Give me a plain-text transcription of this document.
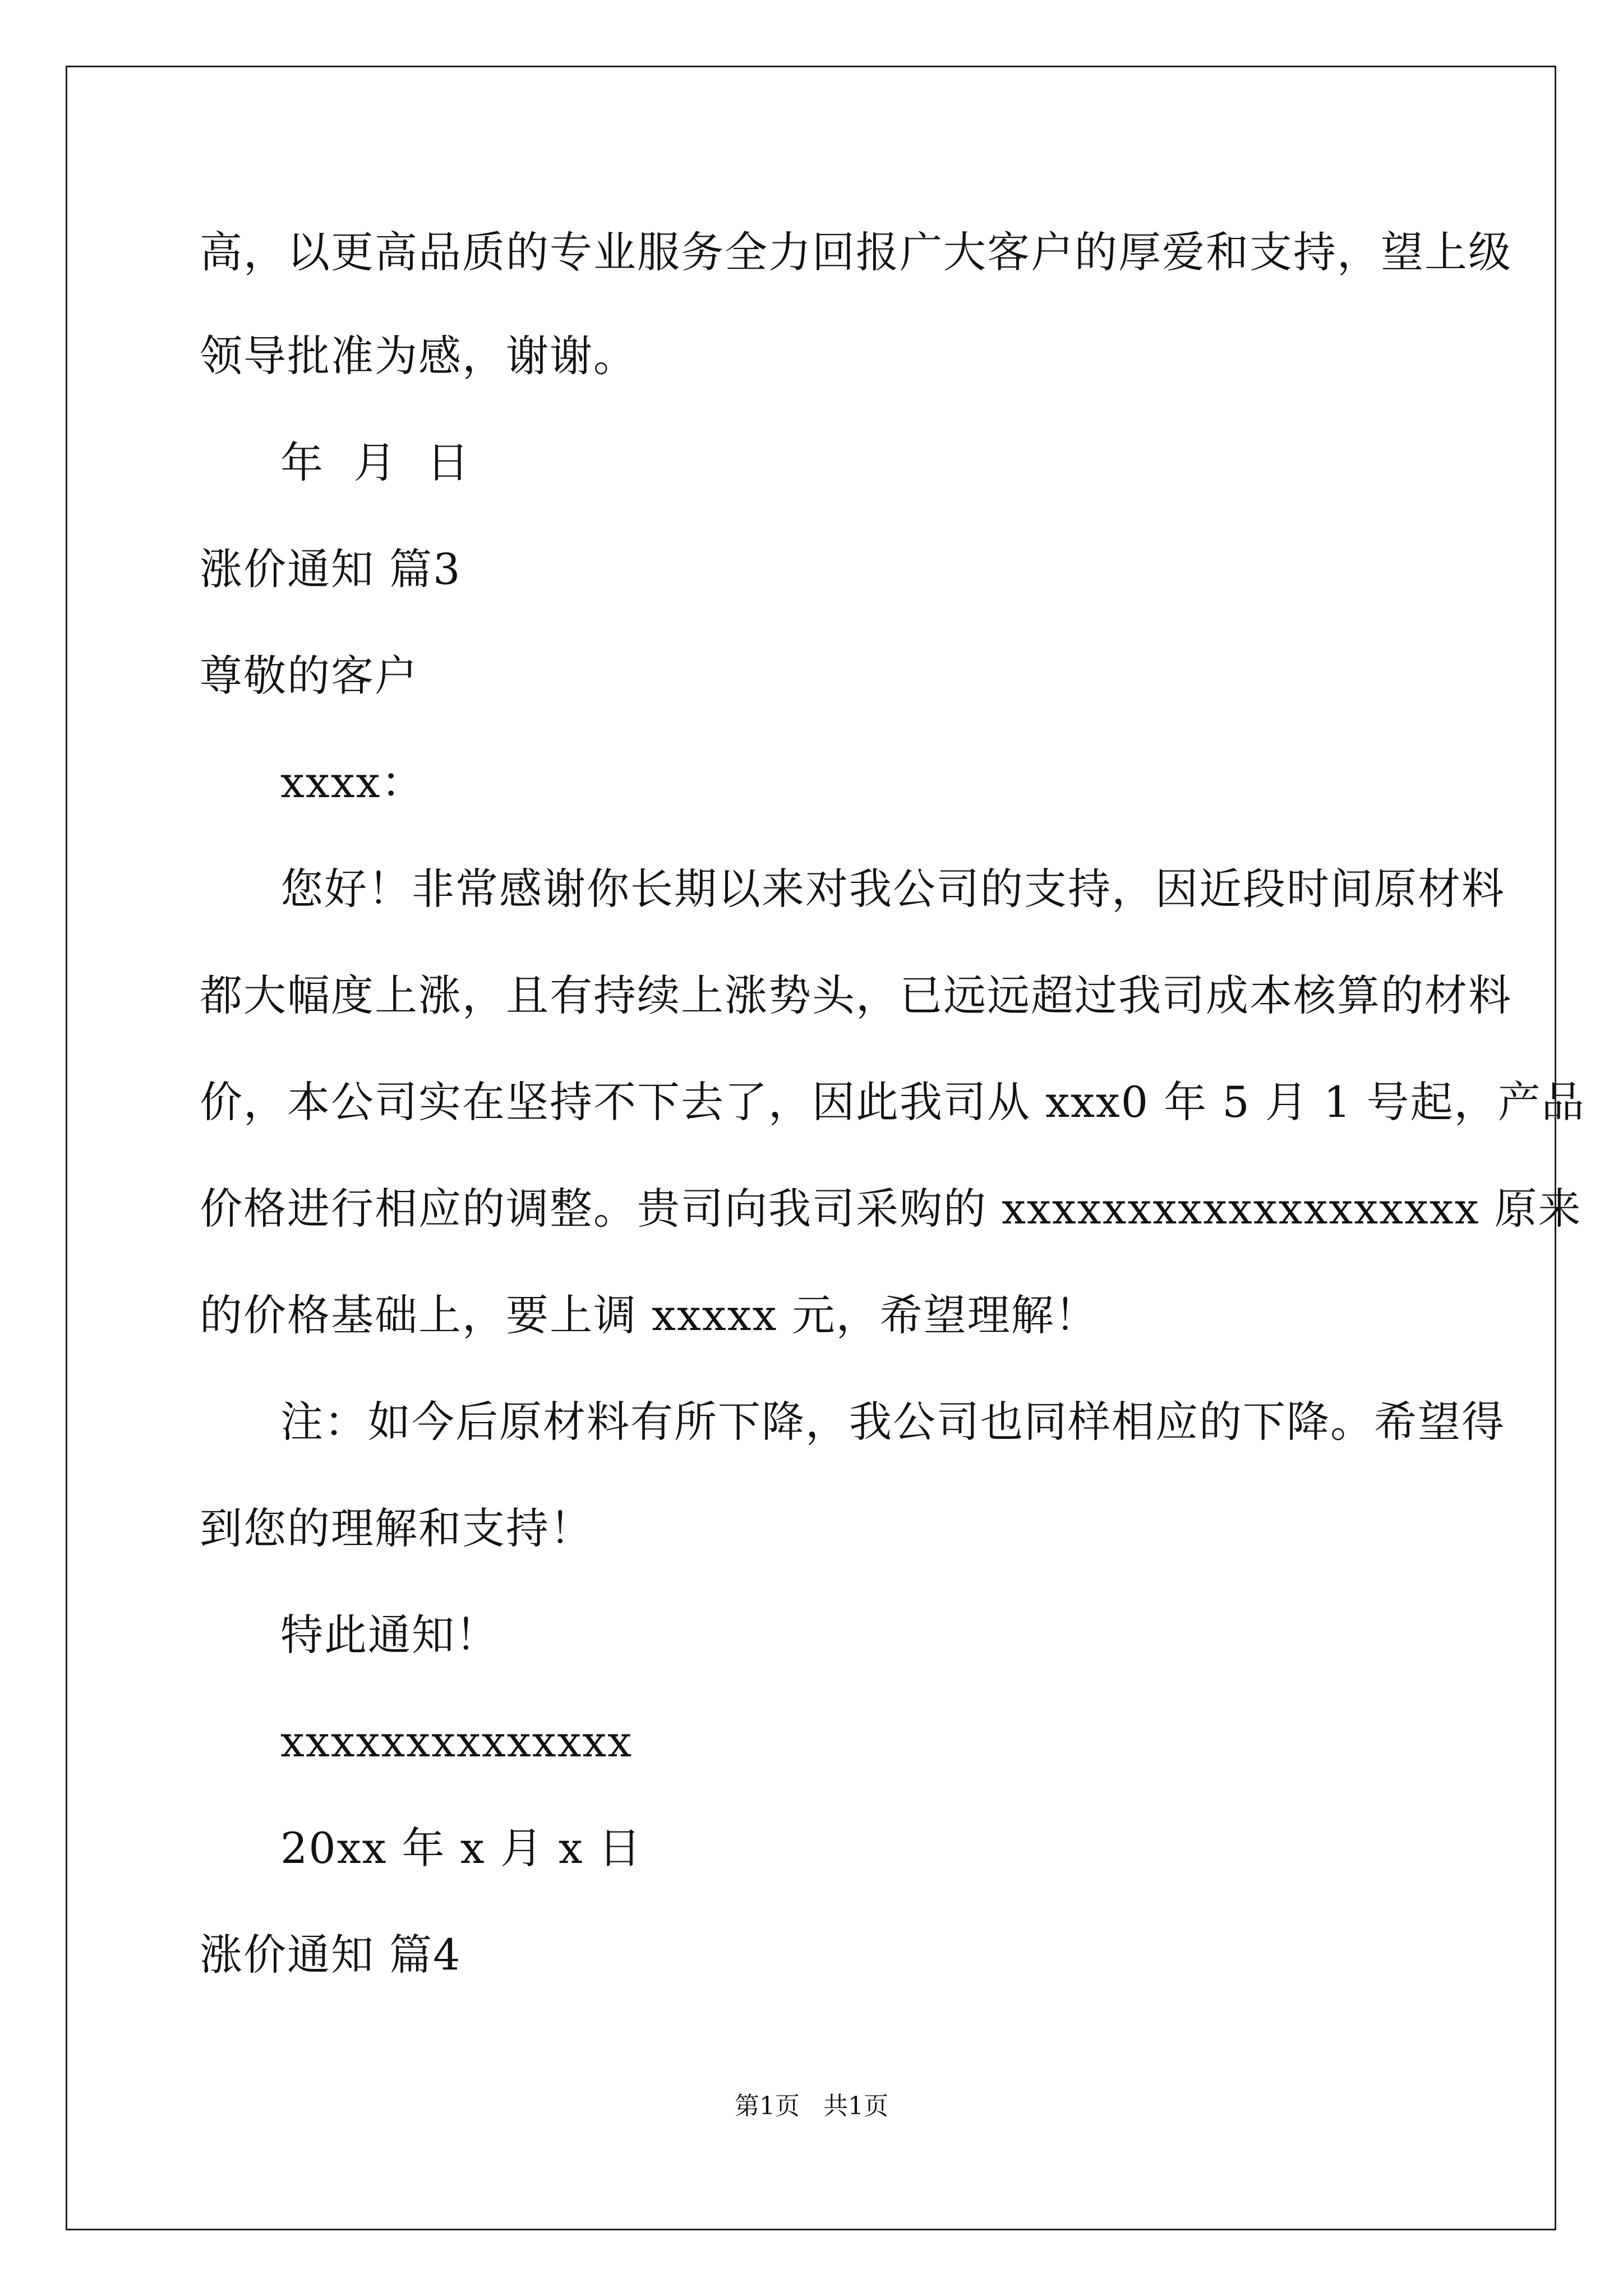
高，以更高品质的专业服务全力回报广大客户的厚爱和支持，望上级
领导批准为感，谢谢。
年  月  日
涨价通知 篇3
尊敬的客户
xxxx：
您好！非常感谢你长期以来对我公司的支持，因近段时间原材料
都大幅度上涨，且有持续上涨势头，已远远超过我司成本核算的材料
价，本公司实在坚持不下去了，因此我司从 xxx0 年 5 月 1 号起，产品
价格进行相应的调整。贵司向我司采购的 xxxxxxxxxxxxxxxxxxx 原来
的价格基础上，要上调 xxxxx 元，希望理解！
注：如今后原材料有所下降，我公司也同样相应的下降。希望得
到您的理解和支持！
特此通知！
xxxxxxxxxxxxxx
20xx 年 x 月 x 日
涨价通知 篇4
第1页   共1页
